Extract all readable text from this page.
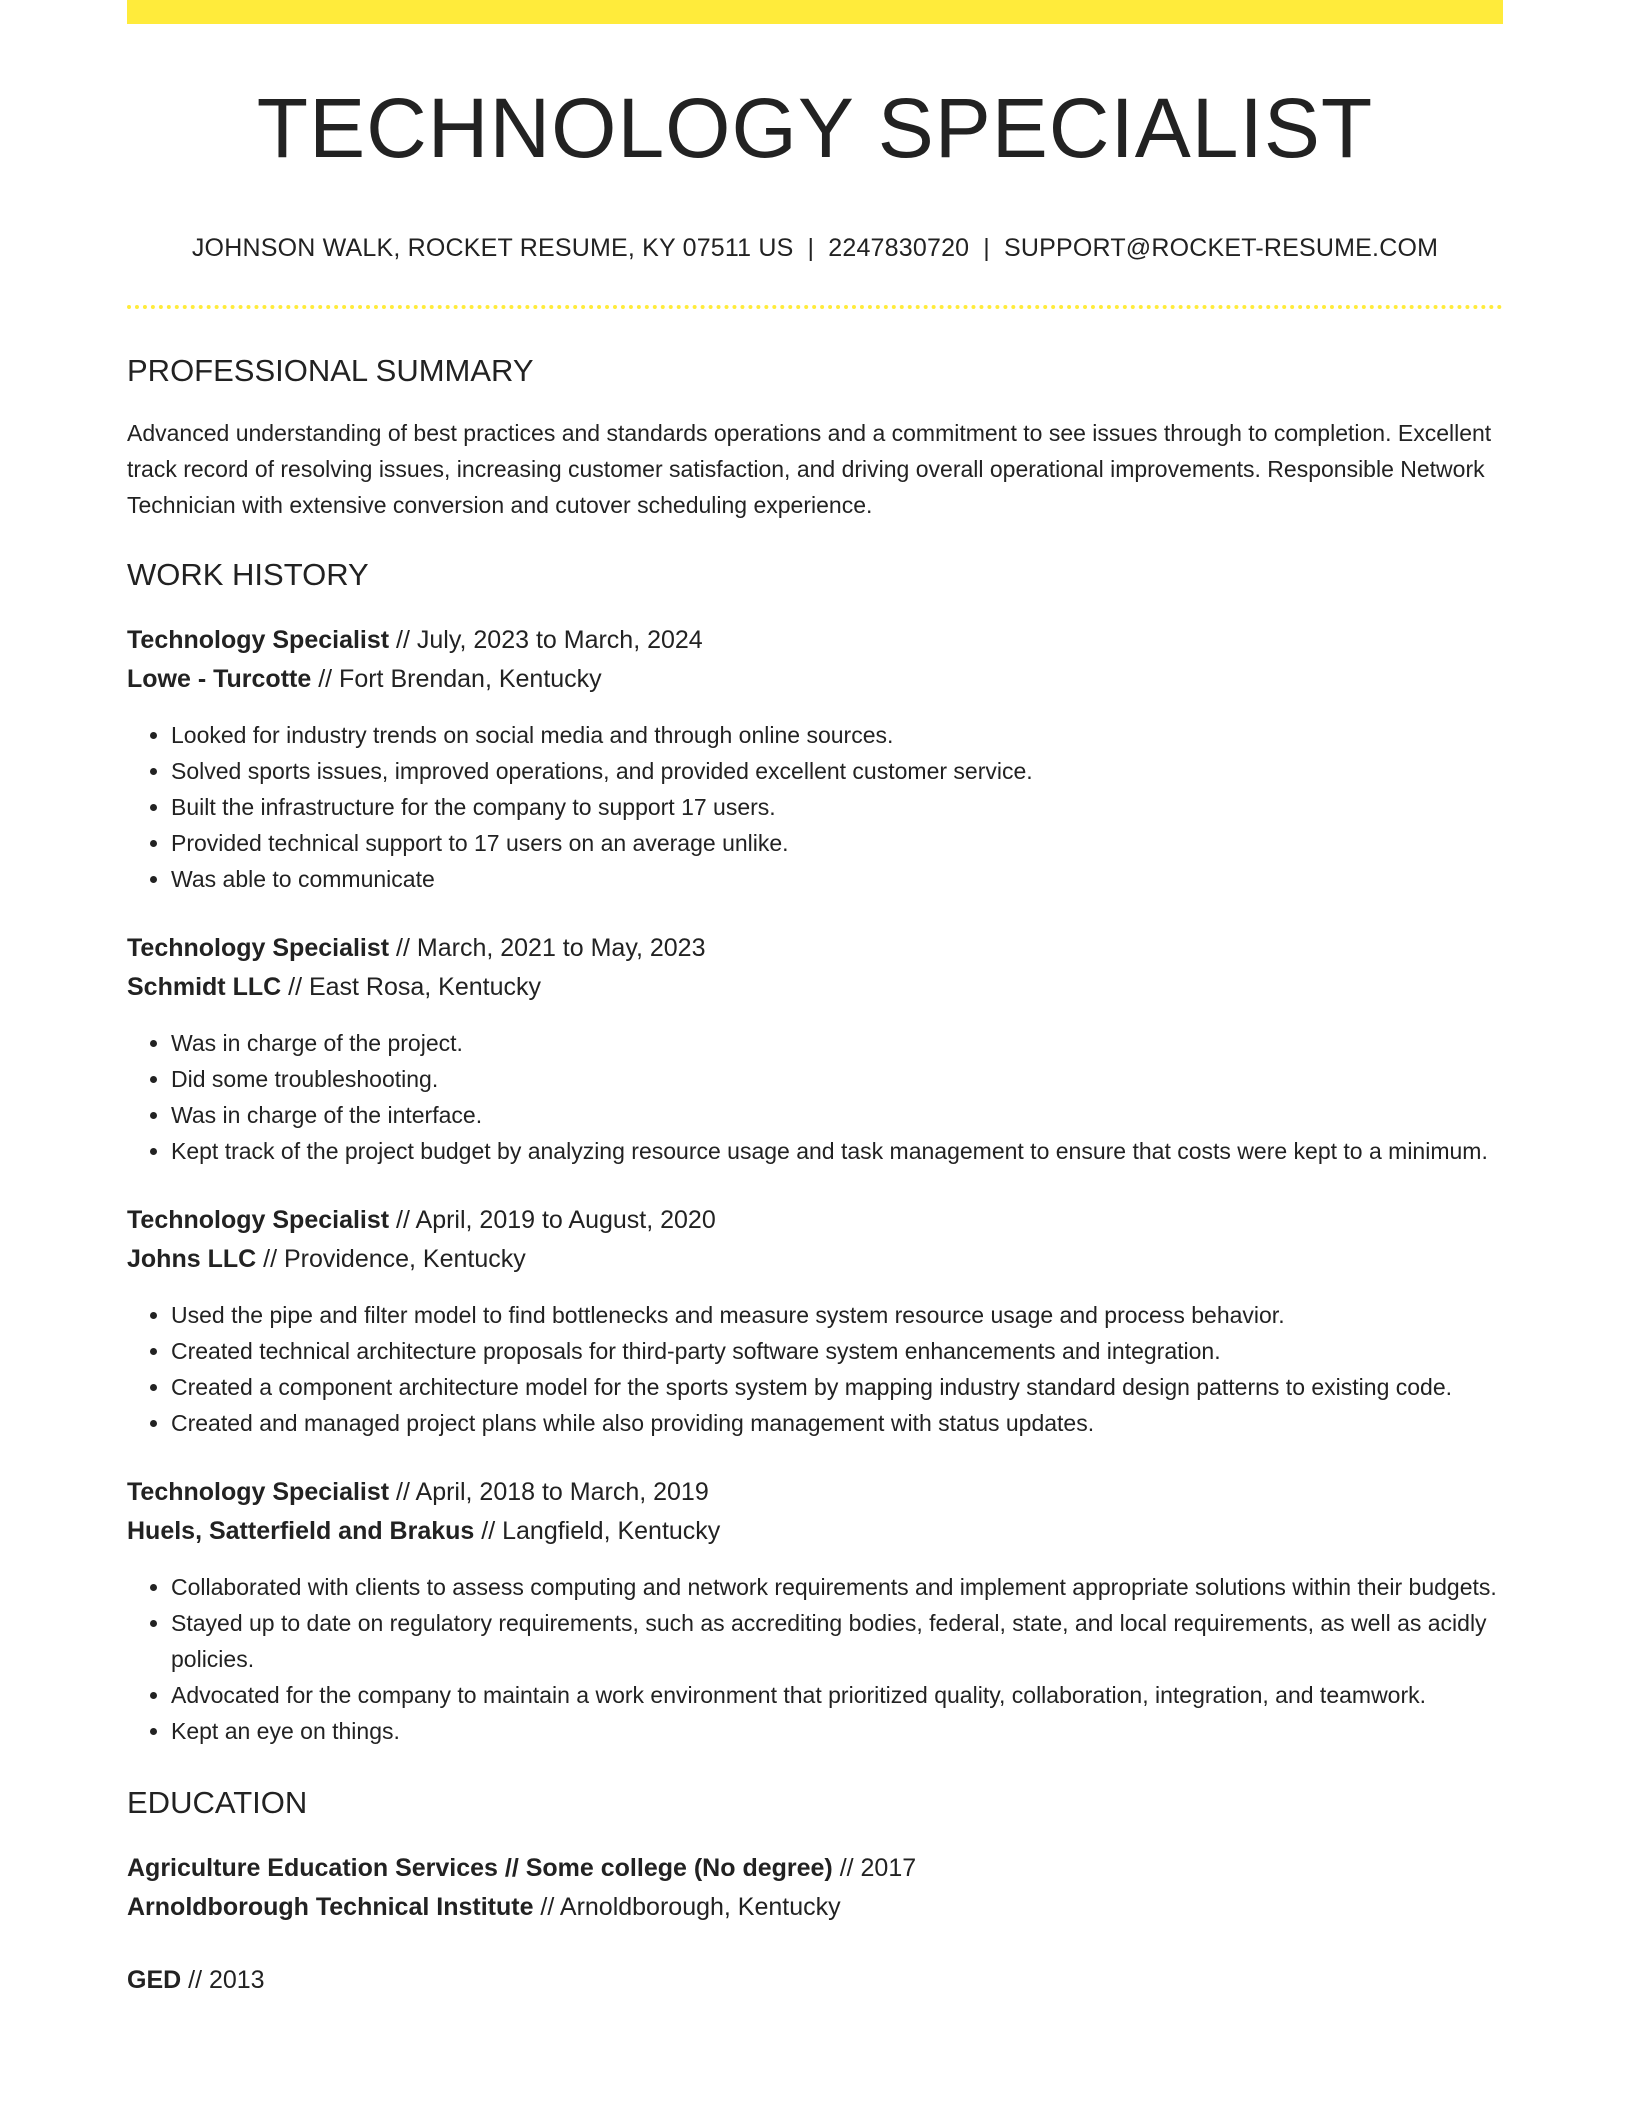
TECHNOLOGY SPECIALIST
JOHNSON WALK, ROCKET RESUME, KY 07511 US | 2247830720 | SUPPORT@ROCKET-RESUME.COM
PROFESSIONAL SUMMARY
Advanced understanding of best practices and standards operations and a commitment to see issues through to completion. Excellent track record of resolving issues, increasing customer satisfaction, and driving overall operational improvements. Responsible Network Technician with extensive conversion and cutover scheduling experience.
WORK HISTORY
Technology Specialist // July, 2023 to March, 2024
Lowe - Turcotte // Fort Brendan, Kentucky
• Looked for industry trends on social media and through online sources.
• Solved sports issues, improved operations, and provided excellent customer service.
• Built the infrastructure for the company to support 17 users.
• Provided technical support to 17 users on an average unlike.
• Was able to communicate
Technology Specialist // March, 2021 to May, 2023
Schmidt LLC // East Rosa, Kentucky
• Was in charge of the project.
• Did some troubleshooting.
• Was in charge of the interface.
• Kept track of the project budget by analyzing resource usage and task management to ensure that costs were kept to a minimum.
Technology Specialist // April, 2019 to August, 2020
Johns LLC // Providence, Kentucky
• Used the pipe and filter model to find bottlenecks and measure system resource usage and process behavior.
• Created technical architecture proposals for third-party software system enhancements and integration.
• Created a component architecture model for the sports system by mapping industry standard design patterns to existing code.
• Created and managed project plans while also providing management with status updates.
Technology Specialist // April, 2018 to March, 2019
Huels, Satterfield and Brakus // Langfield, Kentucky
• Collaborated with clients to assess computing and network requirements and implement appropriate solutions within their budgets.
• Stayed up to date on regulatory requirements, such as accrediting bodies, federal, state, and local requirements, as well as acidly policies.
• Advocated for the company to maintain a work environment that prioritized quality, collaboration, integration, and teamwork.
• Kept an eye on things.
EDUCATION
Agriculture Education Services // Some college (No degree) // 2017
Arnoldborough Technical Institute // Arnoldborough, Kentucky
GED // 2013
